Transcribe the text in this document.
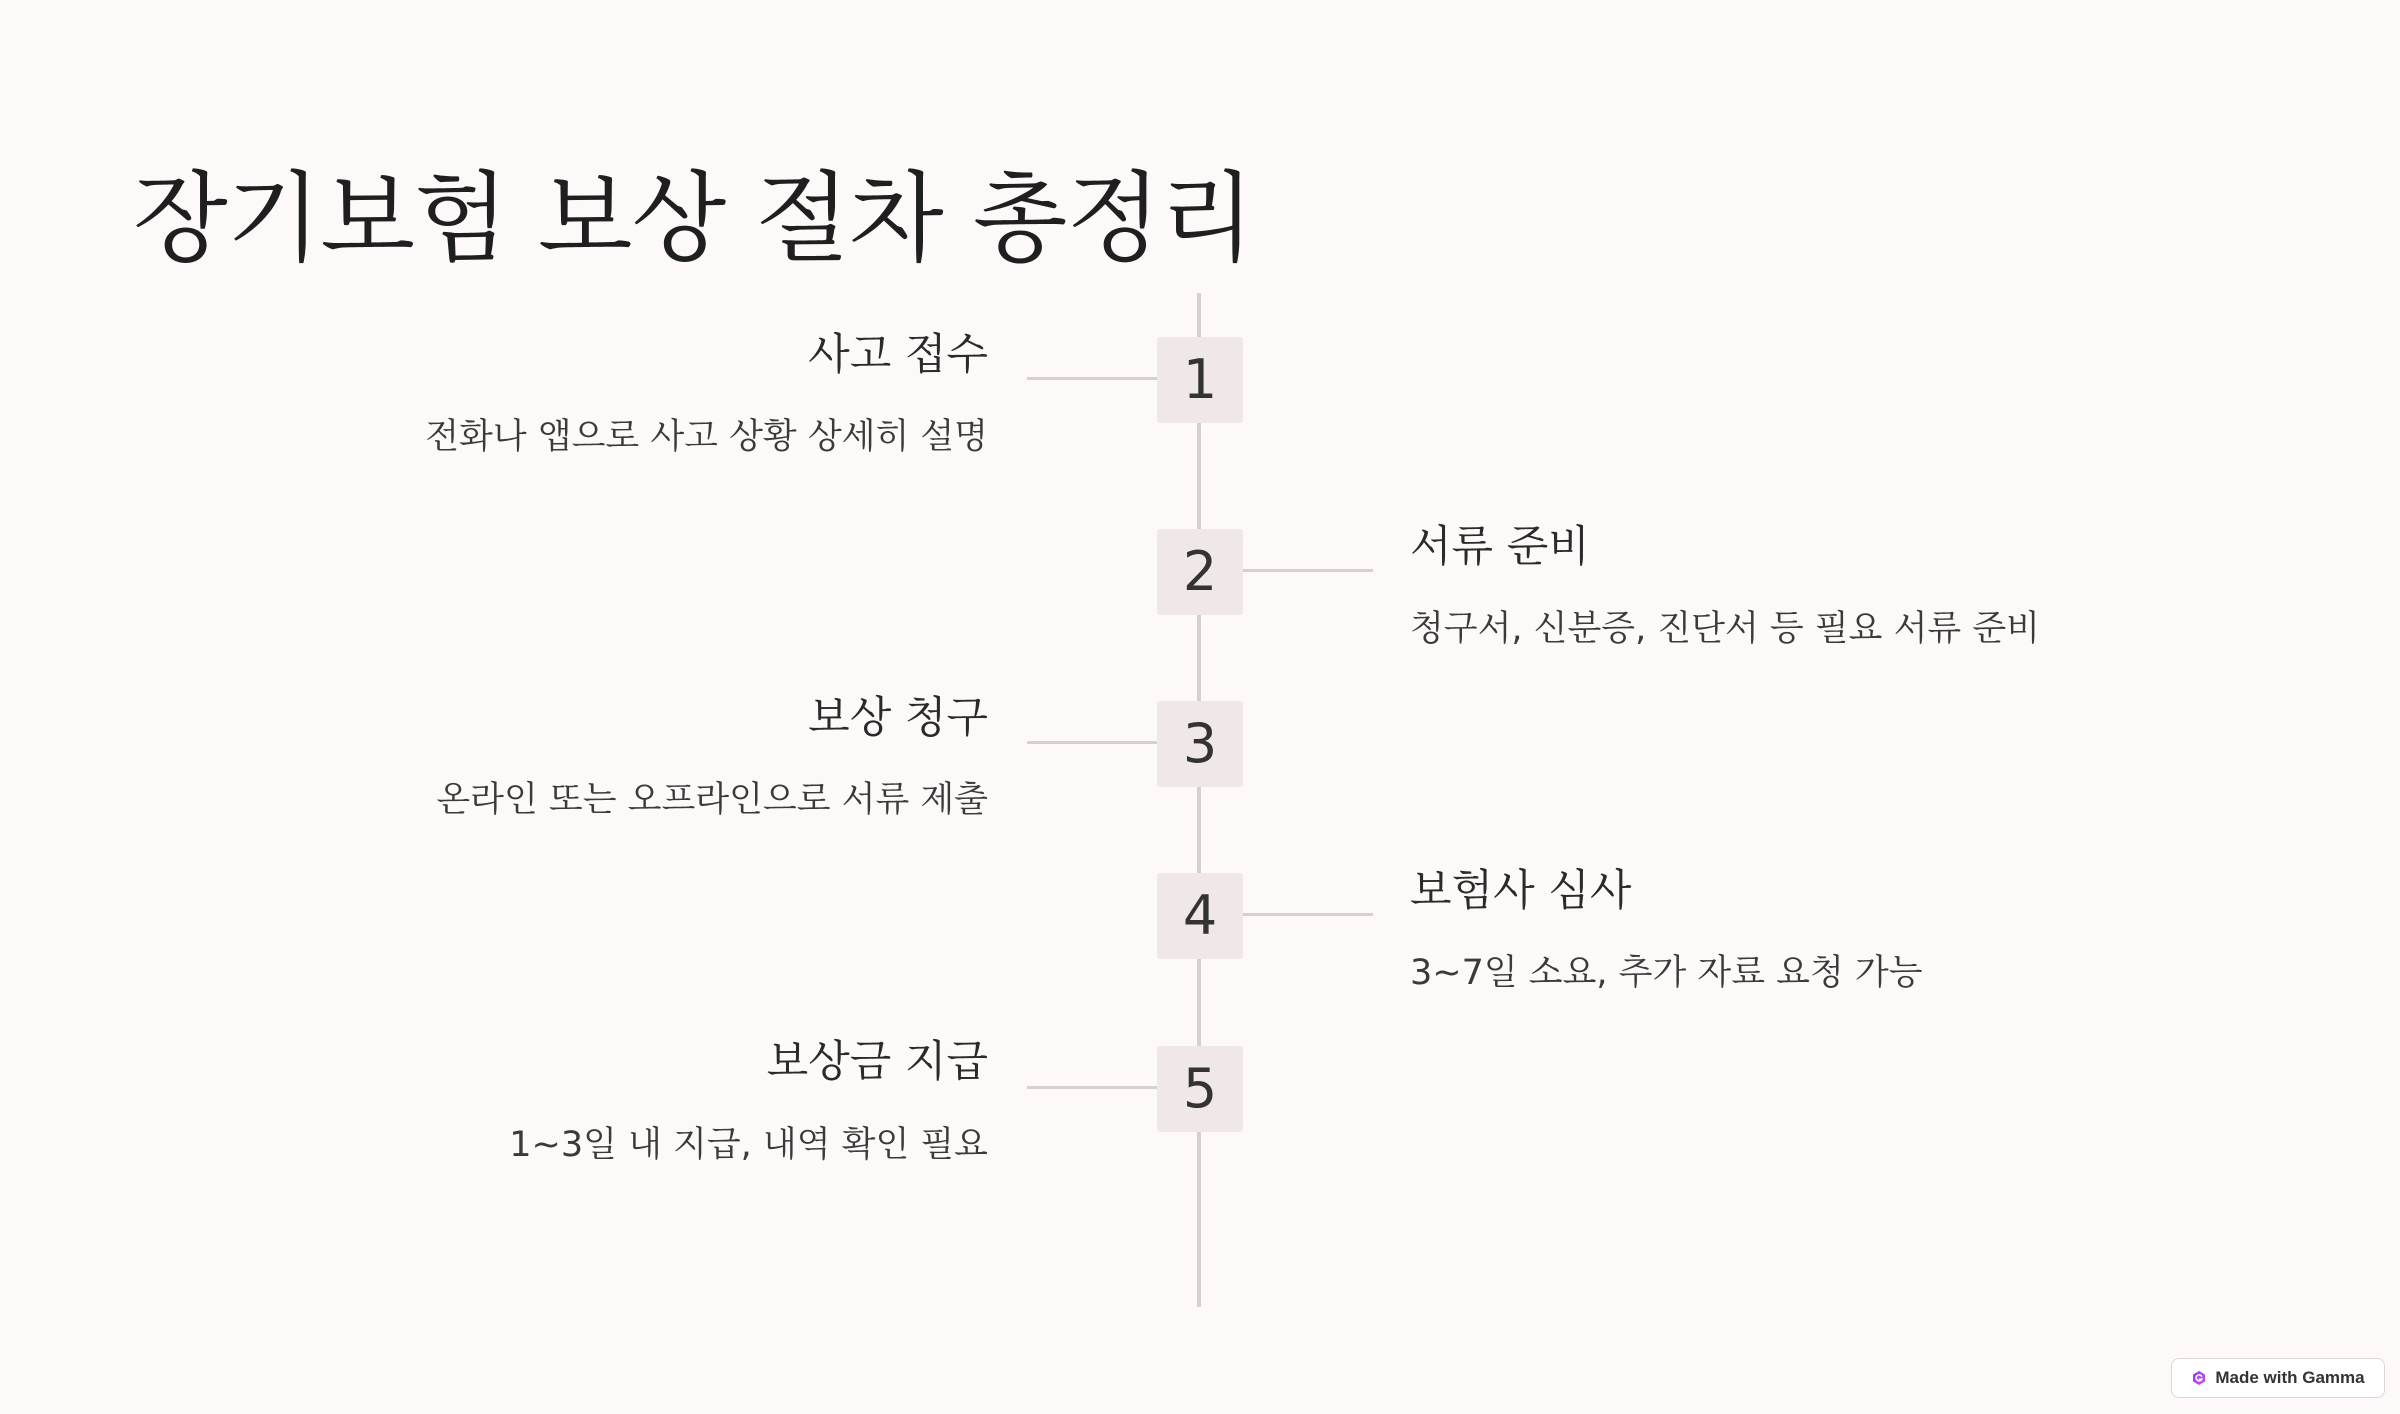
장기보험 보상 절차 총정리
사고 접수
전화나 앱으로 사고 상황 상세히 설명
1
2	서류 준비
청구서, 신분증, 진단서 등 필요 서류 준비
보상 청구
온라인 또는 오프라인으로 서류 제출
3
4	보험사 심사
3~7일 소요, 추가 자료 요청 가능
보상금 지급
1~3일 내 지급, 내역 확인 필요
5
Made with Gamma
